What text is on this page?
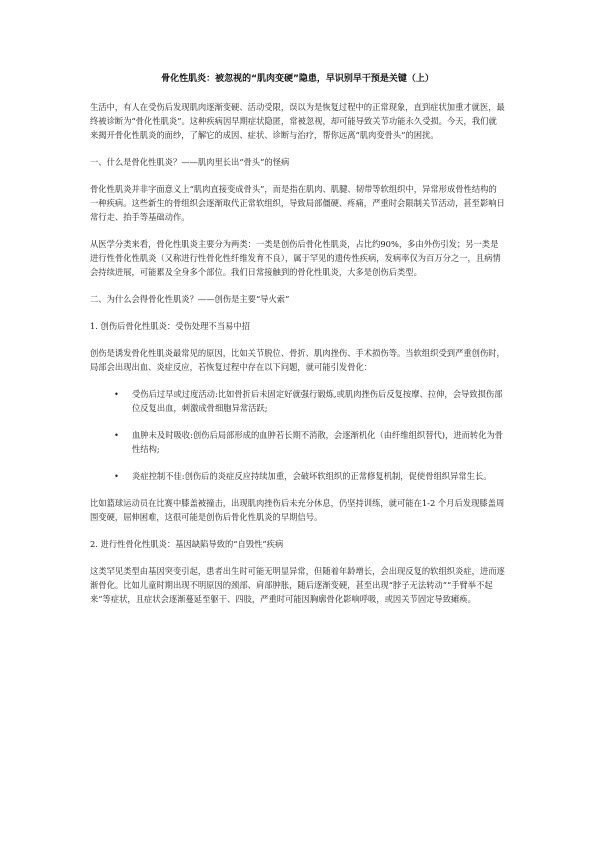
骨化性肌炎：被忽视的“肌肉变硬”隐患，早识别早干预是关键（上）

生活中，有人在受伤后发现肌肉逐渐变硬、活动受限，误以为是恢复过程中的正常现象，直到症状加重才就医，最终被诊断为“骨化性肌炎”。这种疾病因早期症状隐匿，常被忽视，却可能导致关节功能永久受损。今天，我们就来揭开骨化性肌炎的面纱，了解它的成因、症状、诊断与治疗，帮你远离“肌肉变骨头”的困扰。

一、什么是骨化性肌炎？——肌肉里长出“骨头”的怪病

骨化性肌炎并非字面意义上“肌肉直接变成骨头”，而是指在肌肉、肌腱、韧带等软组织中，异常形成骨性结构的一种疾病。这些新生的骨组织会逐渐取代正常软组织，导致局部僵硬、疼痛，严重时会限制关节活动，甚至影响日常行走、抬手等基础动作。

从医学分类来看，骨化性肌炎主要分为两类：一类是创伤后骨化性肌炎，占比约90%，多由外伤引发；另一类是进行性骨化性肌炎（又称进行性骨化性纤维发育不良），属于罕见的遗传性疾病，发病率仅为百万分之一，且病情会持续进展，可能累及全身多个部位。我们日常接触到的骨化性肌炎，大多是创伤后类型。

二、为什么会得骨化性肌炎？——创伤是主要“导火索”

1. 创伤后骨化性肌炎：受伤处理不当易中招

创伤是诱发骨化性肌炎最常见的原因，比如关节脱位、骨折、肌肉挫伤、手术损伤等。当软组织受到严重创伤时，局部会出现出血、炎症反应，若恢复过程中存在以下问题，就可能引发骨化：

•	受伤后过早或过度活动:比如骨折后未固定好就强行锻炼,或肌肉挫伤后反复按摩、拉伸，会导致损伤部位反复出血，刺激成骨细胞异常活跃;
•	血肿未及时吸收:创伤后局部形成的血肿若长期不消散，会逐渐机化（由纤维组织替代)，进而转化为骨性结构;
•	炎症控制不佳:创伤后的炎症反应持续加重，会破坏软组织的正常修复机制，促使骨组织异常生长。

比如篮球运动员在比赛中膝盖被撞击，出现肌肉挫伤后未充分休息，仍坚持训练，就可能在1-2 个月后发现膝盖周围变硬，屈伸困难，这很可能是创伤后骨化性肌炎的早期信号。

2. 进行性骨化性肌炎：基因缺陷导致的“自毁性”疾病

这类罕见类型由基因突变引起，患者出生时可能无明显异常，但随着年龄增长，会出现反复的软组织炎症，进而逐渐骨化。比如儿童时期出现不明原因的颈部、肩部肿胀，随后逐渐变硬，甚至出现“脖子无法转动”“手臂举不起来”等症状，且症状会逐渐蔓延至躯干、四肢，严重时可能因胸廓骨化影响呼吸，或因关节固定导致瘫痪。
